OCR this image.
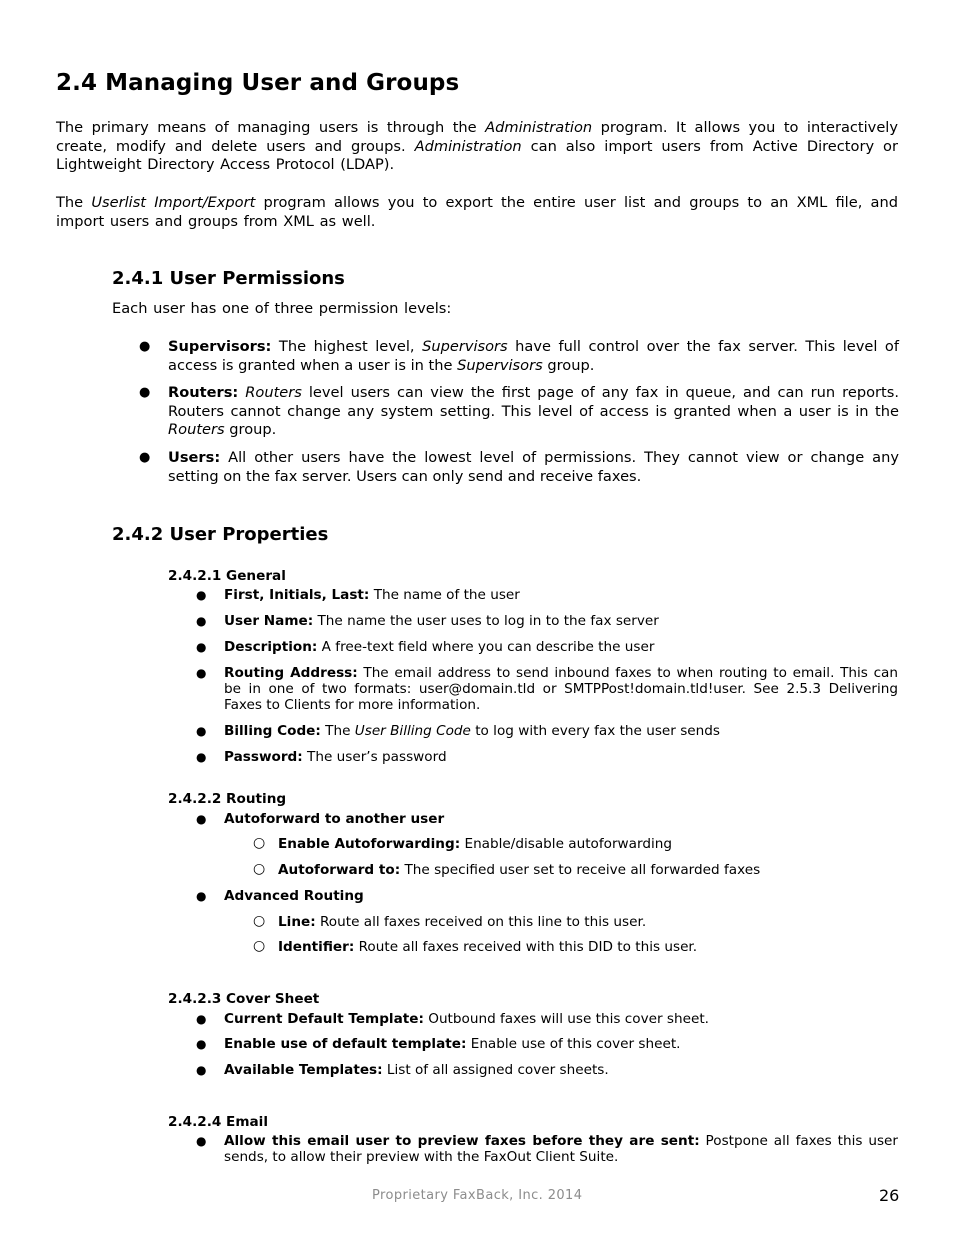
2.4 Managing User and Groups

The primary means of managing users is through the Administration program. It allows you to interactively create, modify and delete users and groups. Administration can also import users from Active Directory or Lightweight Directory Access Protocol (LDAP).

The Userlist Import/Export program allows you to export the entire user list and groups to an XML file, and import users and groups from XML as well.

2.4.1 User Permissions

Each user has one of three permission levels:

● Supervisors: The highest level, Supervisors have full control over the fax server. This level of access is granted when a user is in the Supervisors group.
● Routers: Routers level users can view the first page of any fax in queue, and can run reports. Routers cannot change any system setting. This level of access is granted when a user is in the Routers group.
● Users: All other users have the lowest level of permissions. They cannot view or change any setting on the fax server. Users can only send and receive faxes.
2.4.2 User Properties
2.4.2.1 General
● First, Initials, Last: The name of the user
● User Name: The name the user uses to log in to the fax server
● Description: A free-text field where you can describe the user
● Routing Address: The email address to send inbound faxes to when routing to email. This can be in one of two formats: user@domain.tld or SMTPPost!domain.tld!user. See 2.5.3 Delivering Faxes to Clients for more information.
● Billing Code: The User Billing Code to log with every fax the user sends
● Password: The user’s password
2.4.2.2 Routing
● Autoforward to another user
● Advanced Routing
○ Enable Autoforwarding: Enable/disable autoforwarding
○ Autoforward to: The specified user set to receive all forwarded faxes
○ Line: Route all faxes received on this line to this user.
○ Identifier: Route all faxes received with this DID to this user.
2.4.2.3 Cover Sheet
● Current Default Template: Outbound faxes will use this cover sheet.
● Enable use of default template: Enable use of this cover sheet.
● Available Templates: List of all assigned cover sheets.
2.4.2.4 Email
● Allow this email user to preview faxes before they are sent: Postpone all faxes this user sends, to allow their preview with the FaxOut Client Suite.
Proprietary FaxBack, Inc. 2014	26
